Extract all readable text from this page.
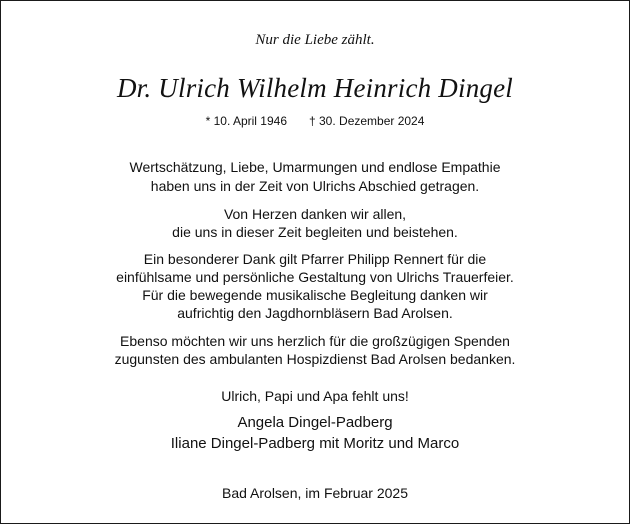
Nur die Liebe zählt.
Dr. Ulrich Wilhelm Heinrich Dingel
* 10. April 1946 † 30. Dezember 2024
Wertschätzung, Liebe, Umarmungen und endlose Empathie
haben uns in der Zeit von Ulrichs Abschied getragen.
Von Herzen danken wir allen,
die uns in dieser Zeit begleiten und beistehen.
Ein besonderer Dank gilt Pfarrer Philipp Rennert für die
einfühlsame und persönliche Gestaltung von Ulrichs Trauerfeier.
Für die bewegende musikalische Begleitung danken wir
aufrichtig den Jagdhornbläsern Bad Arolsen.
Ebenso möchten wir uns herzlich für die großzügigen Spenden
zugunsten des ambulanten Hospizdienst Bad Arolsen bedanken.
Ulrich, Papi und Apa fehlt uns!
Angela Dingel-Padberg
Iliane Dingel-Padberg mit Moritz und Marco
Bad Arolsen, im Februar 2025
